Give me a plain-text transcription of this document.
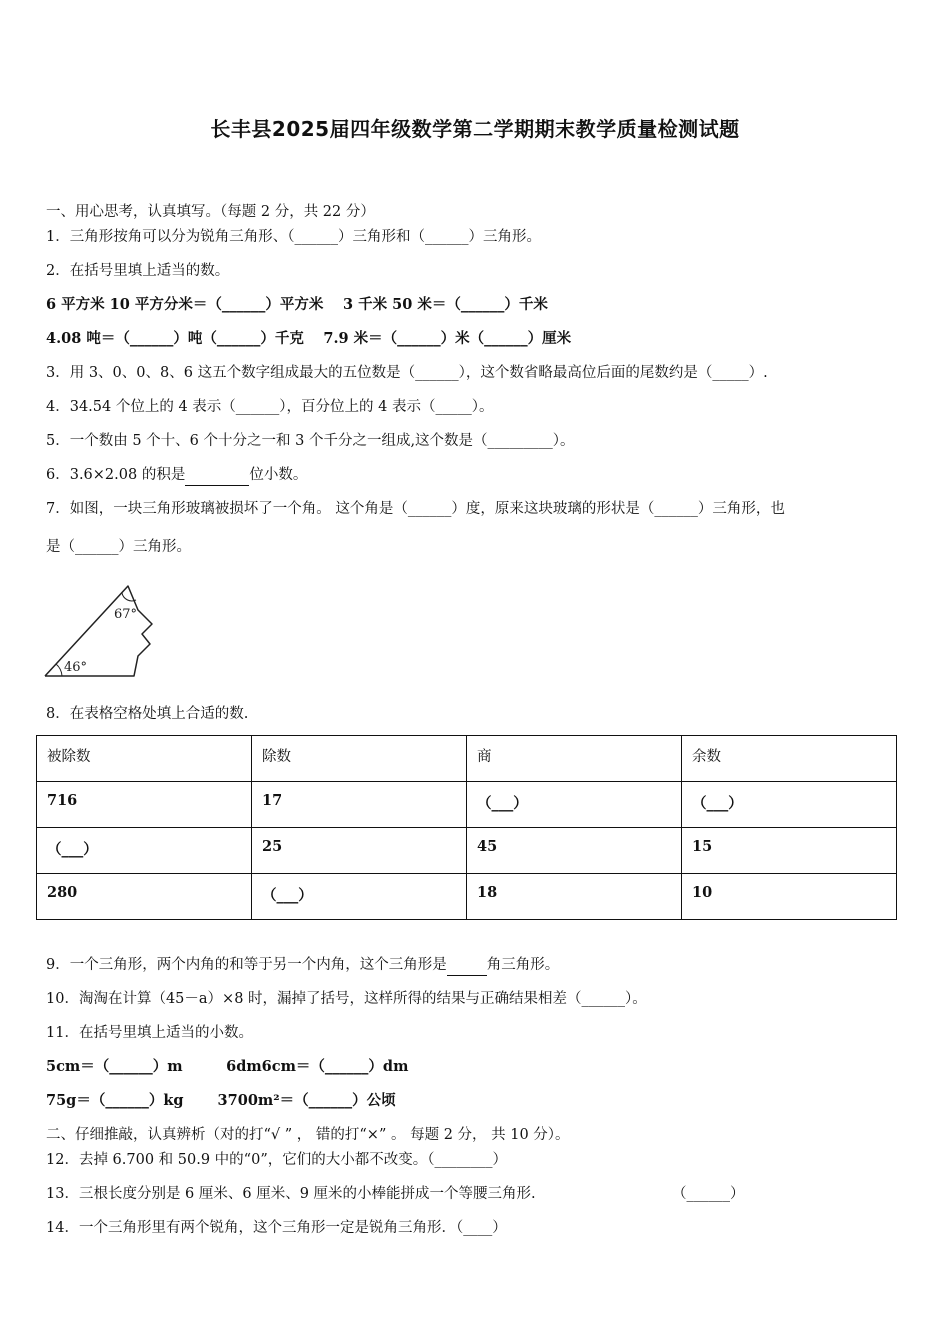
长丰县2025届四年级数学第二学期期末教学质量检测试题
一、用心思考，认真填写。（每题 2 分，共 22 分）
1．三角形按角可以分为锐角三角形、（______）三角形和（______）三角形。
2．在括号里填上适当的数。
6 平方米 10 平方分米＝（______）平方米　 3 千米 50 米＝（______）千米
4.08 吨＝（______）吨（______）千克　 7.9 米＝（______）米（______）厘米
3．用 3、0、0、8、6 这五个数字组成最大的五位数是（______），这个数省略最高位后面的尾数约是（_____）.
4．34.54 个位上的 4 表示（______），百分位上的 4 表示（_____）。
5．一个数由 5 个十、6 个十分之一和 3 个千分之一组成,这个数是（_________）。
6．3.6×2.08 的积是	位小数。
7．如图，一块三角形玻璃被损坏了一个角。 这个角是（______）度，原来这块玻璃的形状是（______）三角形，也
是（______）三角形。
67°
46°
8．在表格空格处填上合适的数.
被除数	除数	商	余数
716	17	（___）	（___）
（___）	25	45	15
280	（___）	18	10
9．一个三角形，两个内角的和等于另一个内角，这个三角形是	角三角形。
10．淘淘在计算（45－a）×8 时，漏掉了括号，这样所得的结果与正确结果相差（______）。
11．在括号里填上适当的小数。
5cm＝（______）m　　　6dm6cm＝（______）dm
75g＝（______）kg　　 3700m²＝（______）公顷
二、仔细推敲，认真辨析（对的打“√ ” ， 错的打“×” 。 每题 2 分， 共 10 分）。
12．去掉 6.700 和 50.9 中的“0”，它们的大小都不改变。（________）
13．三根长度分别是 6 厘米、6 厘米、9 厘米的小棒能拼成一个等腰三角形.	（______）
14．一个三角形里有两个锐角，这个三角形一定是锐角三角形．（____）
